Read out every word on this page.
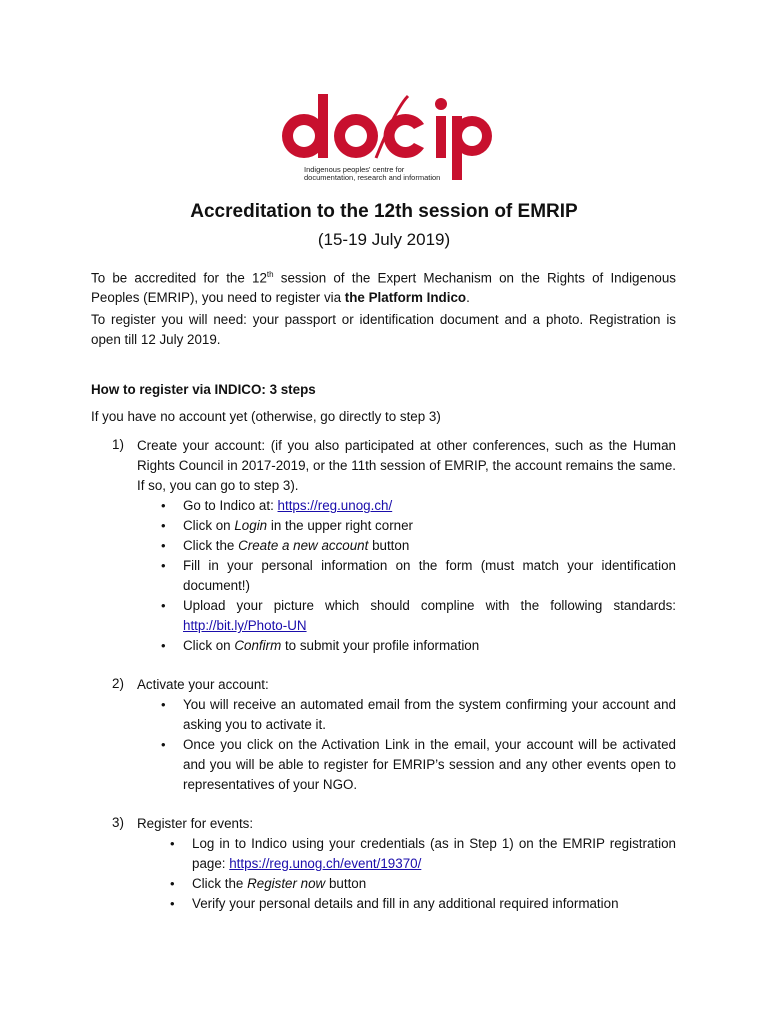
Indigenous peoples' centre for
documentation, research and information
Accreditation to the 12th session of EMRIP
(15-19 July 2019)
To be accredited for the 12th session of the Expert Mechanism on the Rights of Indigenous Peoples (EMRIP), you need to register via the Platform Indico.
To register you will need: your passport or identification document and a photo. Registration is open till 12 July 2019.
How to register via INDICO: 3 steps
If you have no account yet (otherwise, go directly to step 3)
1) Create your account: (if you also participated at other conferences, such as the Human Rights Council in 2017-2019, or the 11th session of EMRIP, the account remains the same. If so, you can go to step 3).
• Go to Indico at: https://reg.unog.ch/
• Click on Login in the upper right corner
• Click the Create a new account button
• Fill in your personal information on the form (must match your identification document!)
• Upload your picture which should compline with the following standards: http://bit.ly/Photo-UN
• Click on Confirm to submit your profile information
2) Activate your account:
• You will receive an automated email from the system confirming your account and asking you to activate it.
• Once you click on the Activation Link in the email, your account will be activated and you will be able to register for EMRIP’s session and any other events open to representatives of your NGO.
3) Register for events:
• Log in to Indico using your credentials (as in Step 1) on the EMRIP registration page: https://reg.unog.ch/event/19370/
• Click the Register now button
• Verify your personal details and fill in any additional required information
